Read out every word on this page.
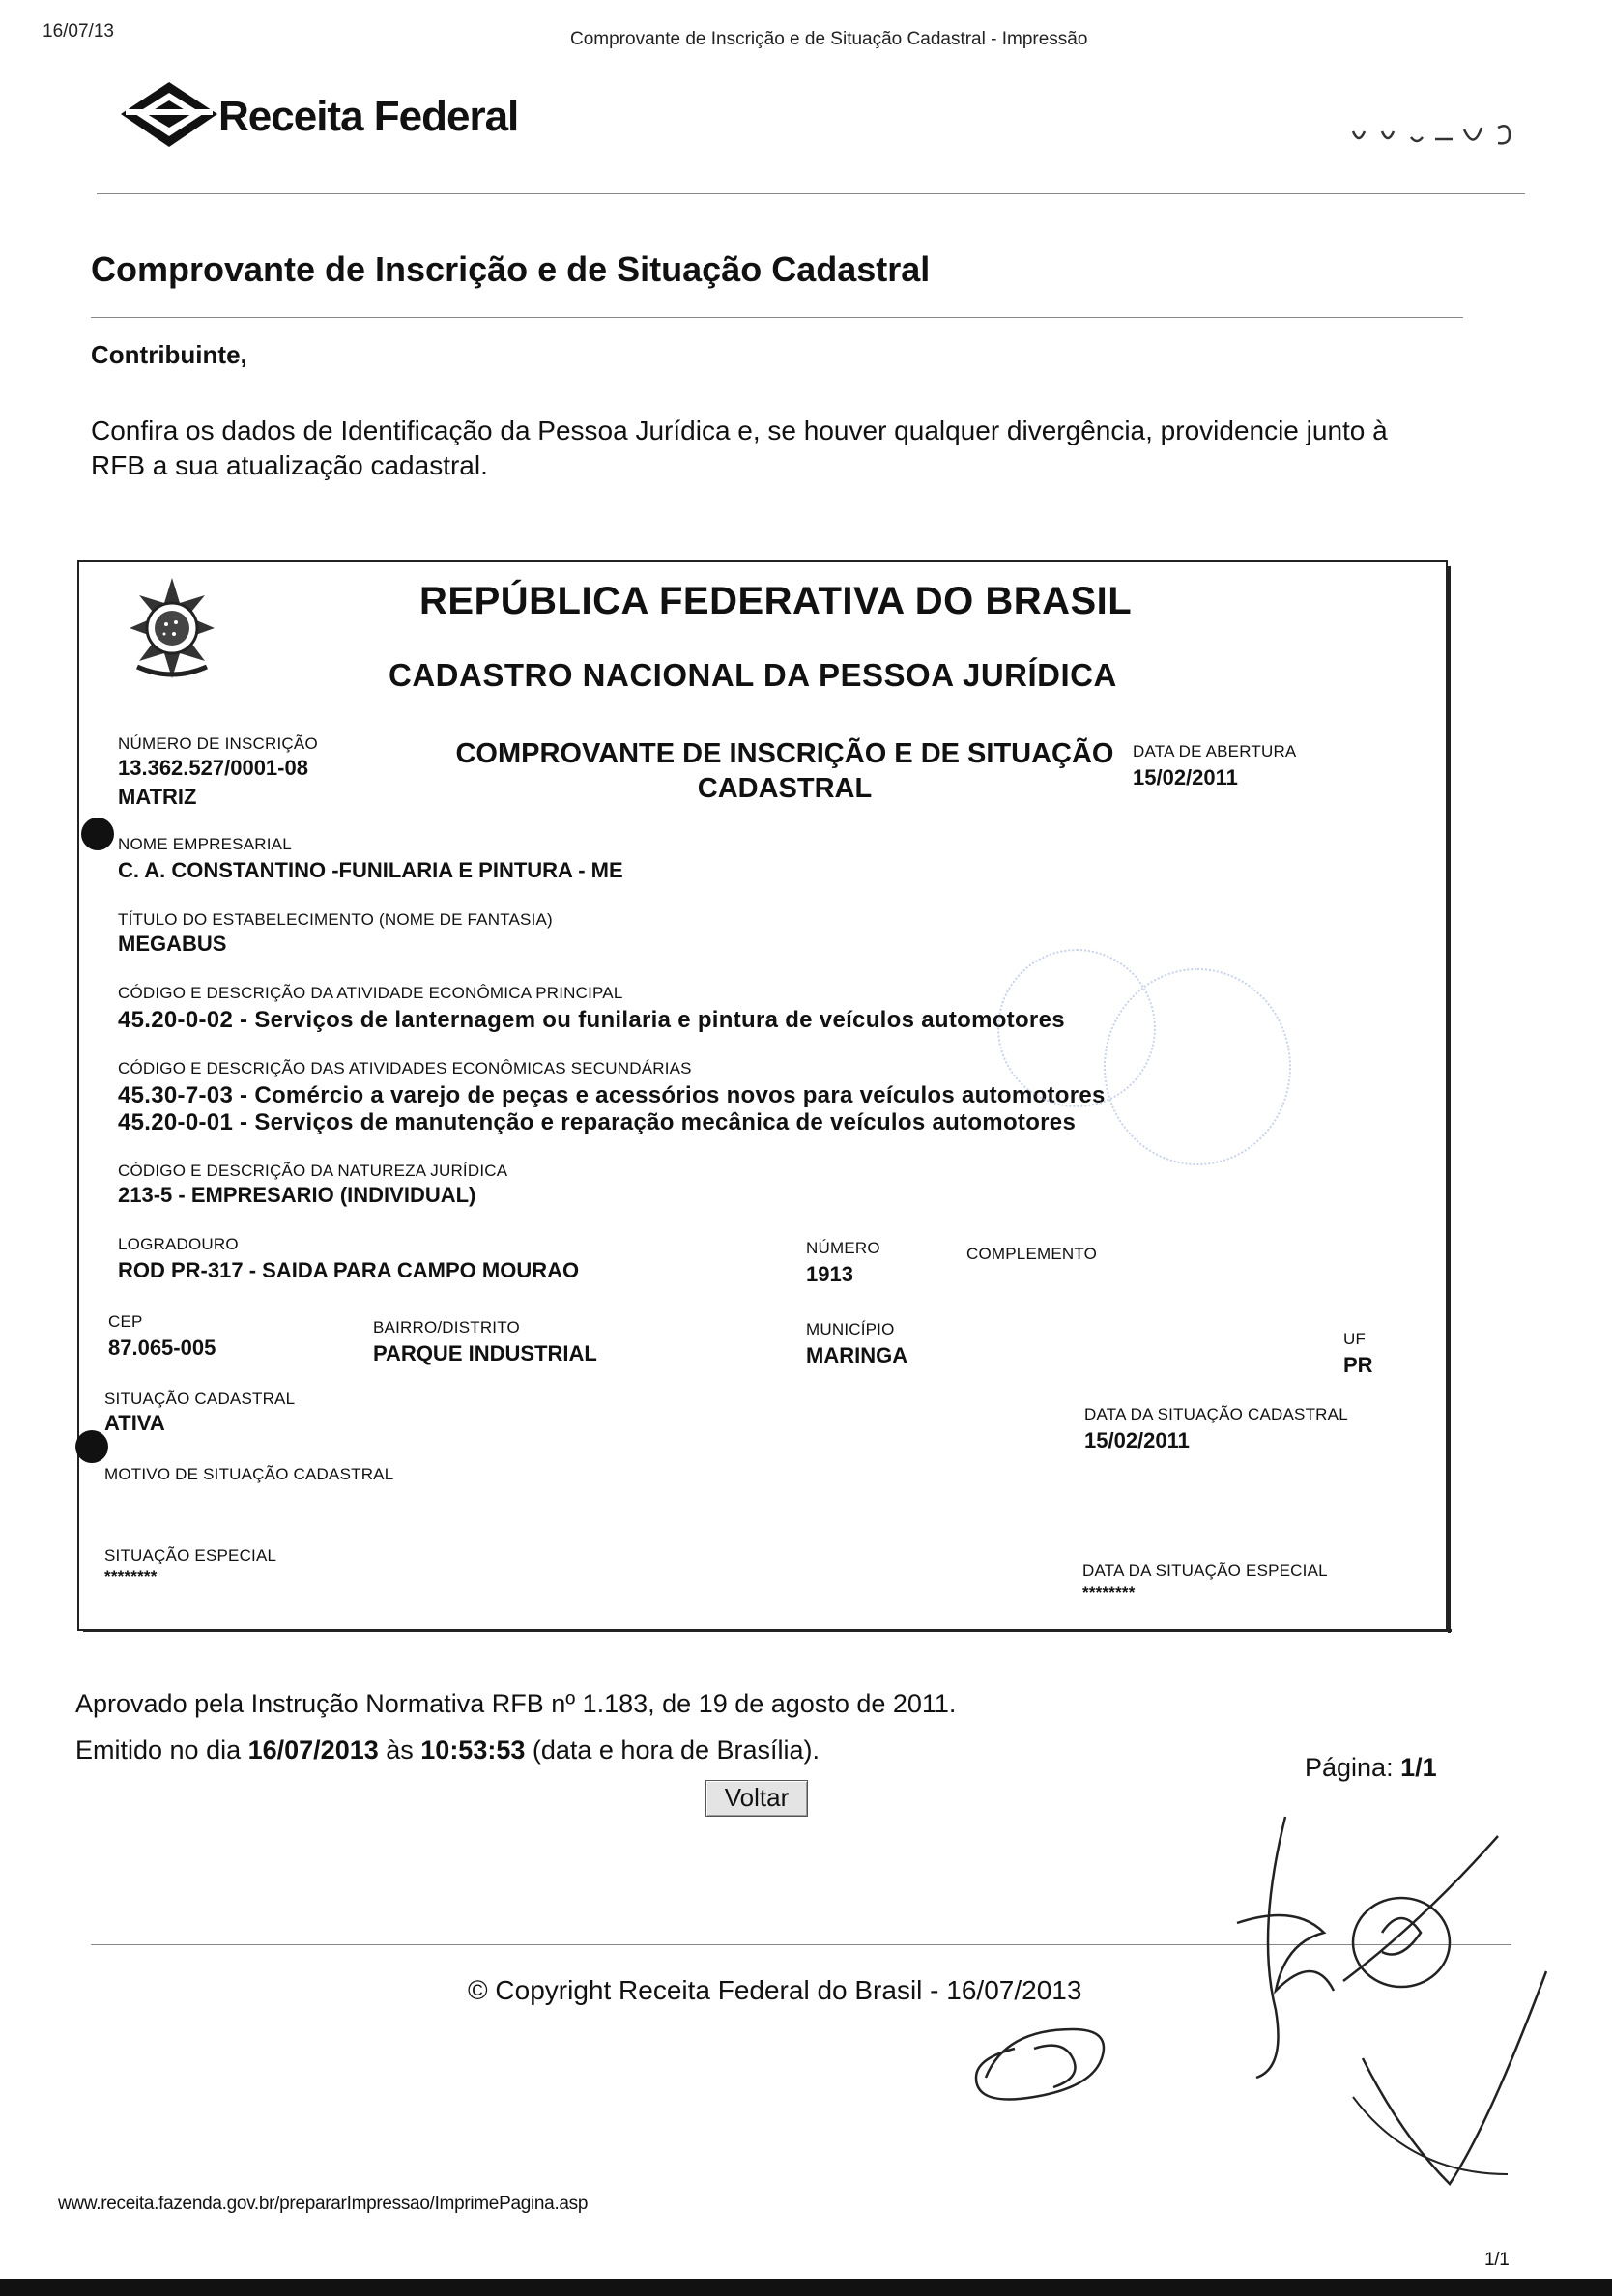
16/07/13	Comprovante de Inscrição e de Situação Cadastral - Impressão
Receita Federal
Comprovante de Inscrição e de Situação Cadastral
Contribuinte,
Confira os dados de Identificação da Pessoa Jurídica e, se houver qualquer divergência, providencie junto à
RFB a sua atualização cadastral.
REPÚBLICA FEDERATIVA DO BRASIL
CADASTRO NACIONAL DA PESSOA JURÍDICA
NÚMERO DE INSCRIÇÃO
13.362.527/0001-08
MATRIZ
COMPROVANTE DE INSCRIÇÃO E DE SITUAÇÃO
CADASTRAL
DATA DE ABERTURA
15/02/2011
NOME EMPRESARIAL
C. A. CONSTANTINO -FUNILARIA E PINTURA - ME
TÍTULO DO ESTABELECIMENTO (NOME DE FANTASIA)
MEGABUS
CÓDIGO E DESCRIÇÃO DA ATIVIDADE ECONÔMICA PRINCIPAL
45.20-0-02 - Serviços de lanternagem ou funilaria e pintura de veículos automotores
CÓDIGO E DESCRIÇÃO DAS ATIVIDADES ECONÔMICAS SECUNDÁRIAS
45.30-7-03 - Comércio a varejo de peças e acessórios novos para veículos automotores
45.20-0-01 - Serviços de manutenção e reparação mecânica de veículos automotores
CÓDIGO E DESCRIÇÃO DA NATUREZA JURÍDICA
213-5 - EMPRESARIO (INDIVIDUAL)
LOGRADOURO
ROD PR-317 - SAIDA PARA CAMPO MOURAO
NÚMERO
1913
COMPLEMENTO
CEP
87.065-005
BAIRRO/DISTRITO
PARQUE INDUSTRIAL
MUNICÍPIO
MARINGA
UF
PR
SITUAÇÃO CADASTRAL
ATIVA	DATA DA SITUAÇÃO CADASTRAL
15/02/2011
MOTIVO DE SITUAÇÃO CADASTRAL
SITUAÇÃO ESPECIAL
********	DATA DA SITUAÇÃO ESPECIAL
********
Aprovado pela Instrução Normativa RFB nº 1.183, de 19 de agosto de 2011.
Emitido no dia 16/07/2013 às 10:53:53 (data e hora de Brasília).
Página: 1/1
Voltar
© Copyright Receita Federal do Brasil - 16/07/2013
www.receita.fazenda.gov.br/prepararImpressao/ImprimePagina.asp
1/1
